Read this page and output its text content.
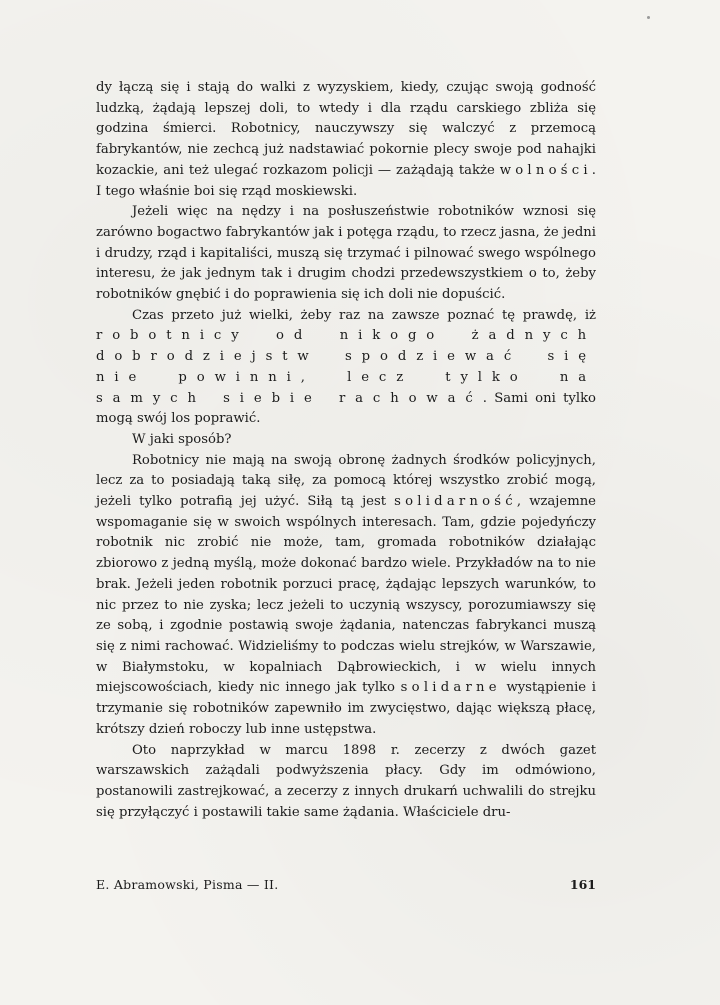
dy łączą się i stają do walki z wyzyskiem, kiedy, czując swoją godność ludzką, żądają lepszej doli, to wtedy i dla rządu carskiego zbliża się godzina śmierci. Robotnicy, nauczywszy się walczyć z przemocą fabrykantów, nie zechcą już nadstawiać pokornie plecy swoje pod nahajki kozackie, ani też ulegać rozkazom policji — zażądają także wolności. I tego właśnie boi się rząd moskiewski.

Jeżeli więc na nędzy i na posłuszeństwie robotników wznosi się zarówno bogactwo fabrykantów jak i potęga rządu, to rzecz jasna, że jedni i drudzy, rząd i kapitaliści, muszą się trzymać i pilnować swego wspólnego interesu, że jak jednym tak i drugim chodzi przedewszystkiem o to, żeby robotników gnębić i do poprawienia się ich doli nie dopuścić.

Czas przeto już wielki, żeby raz na zawsze poznać tę prawdę, iż robotnicy od nikogo żadnych dobrodziejstw spodziewać się nie powinni, lecz tylko na samych siebie rachować. Sami oni tylko mogą swój los poprawić.

W jaki sposób?

Robotnicy nie mają na swoją obronę żadnych środków policyjnych, lecz za to posiadają taką siłę, za pomocą której wszystko zrobić mogą, jeżeli tylko potrafią jej użyć. Siłą tą jest solidarność, wzajemne wspomaganie się w swoich wspólnych interesach. Tam, gdzie pojedyńczy robotnik nic zrobić nie może, tam, gromada robotników działając zbiorowo z jedną myślą, może dokonać bardzo wiele. Przykładów na to nie brak. Jeżeli jeden robotnik porzuci pracę, żądając lepszych warunków, to nic przez to nie zyska; lecz jeżeli to uczynią wszyscy, porozumiawszy się ze sobą, i zgodnie postawią swoje żądania, natenczas fabrykanci muszą się z nimi rachować. Widzieliśmy to podczas wielu strejków, w Warszawie, w Białymstoku, w kopalniach Dąbrowieckich, i w wielu innych miejscowościach, kiedy nic innego jak tylko solidarne wystąpienie i trzymanie się robotników zapewniło im zwycięstwo, dając większą płacę, krótszy dzień roboczy lub inne ustępstwa.

Oto naprzykład w marcu 1898 r. zecerzy z dwóch gazet warszawskich zażądali podwyższenia płacy. Gdy im odmówiono, postanowili zastrejkować, a zecerzy z innych drukarń uchwalili do strejku się przyłączyć i postawili takie same żądania. Właściciele dru-

E. Abramowski, Pisma — II.	161
